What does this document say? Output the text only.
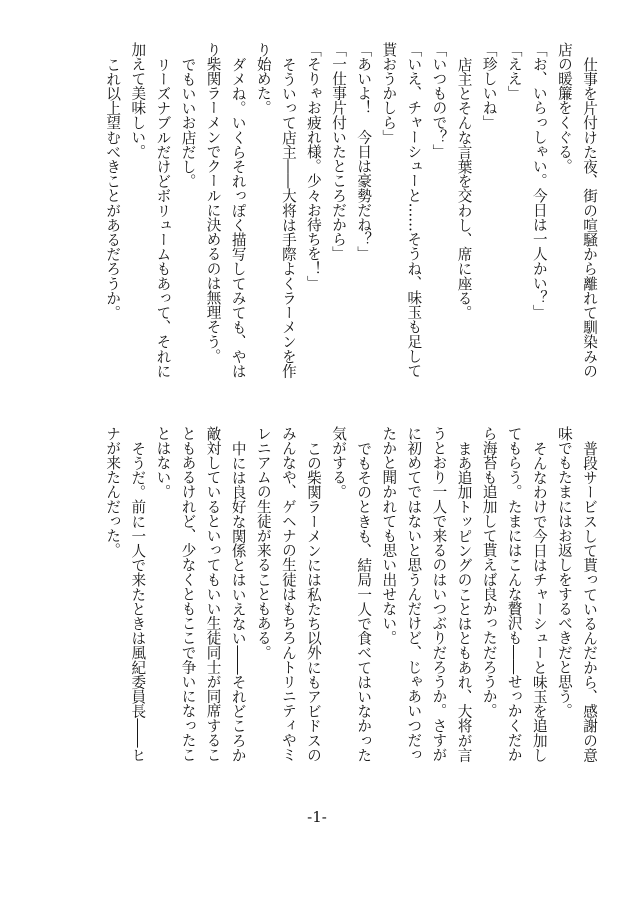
仕事を片付けた夜、街の喧騒から離れて馴染みの

店の暖簾をくぐる。

「お、いらっしゃい。今日は一人かい？」

「ええ」

「珍しいね」

店主とそんな言葉を交わし、席に座る。

「いつもので？」

「いえ、チャーシューと……そうね、味玉も足して

貰おうかしら」

「あいよ！　今日は豪勢だね？」

「一仕事片付いたところだから」

「そりゃお疲れ様。少々お待ちを！」

そういって店主――大将は手際よくラーメンを作

り始めた。

ダメね。いくらそれっぽく描写してみても、やは

り柴関ラーメンでクールに決めるのは無理そう。

でもいいお店だし。

リーズナブルだけどボリュームもあって、それに

加えて美味しい。

これ以上望むべきことがあるだろうか。

普段サービスして貰っているんだから、感謝の意

味でもたまにはお返しをするべきだと思う。

そんなわけで今日はチャーシューと味玉を追加し

てもらう。たまにはこんな贅沢も――せっかくだか

ら海苔も追加して貰えば良かっただろうか。

まあ追加トッピングのことはともあれ、大将が言

うとおり一人で来るのはいつぶりだろうか。さすが

に初めてではないと思うんだけど、じゃあいつだっ

たかと聞かれても思い出せない。

でもそのときも、結局一人で食べてはいなかった

気がする。

この柴関ラーメンには私たち以外にもアビドスの

みんなや、ゲヘナの生徒はもちろんトリニティやミ

レニアムの生徒が来ることもある。

中には良好な関係とはいえない――それどころか

敵対しているといってもいい生徒同士が同席するこ

ともあるけれど、少なくともここで争いになったこ

とはない。

そうだ。前に一人で来たときは風紀委員長――ヒ

ナが来たんだった。

-1-
